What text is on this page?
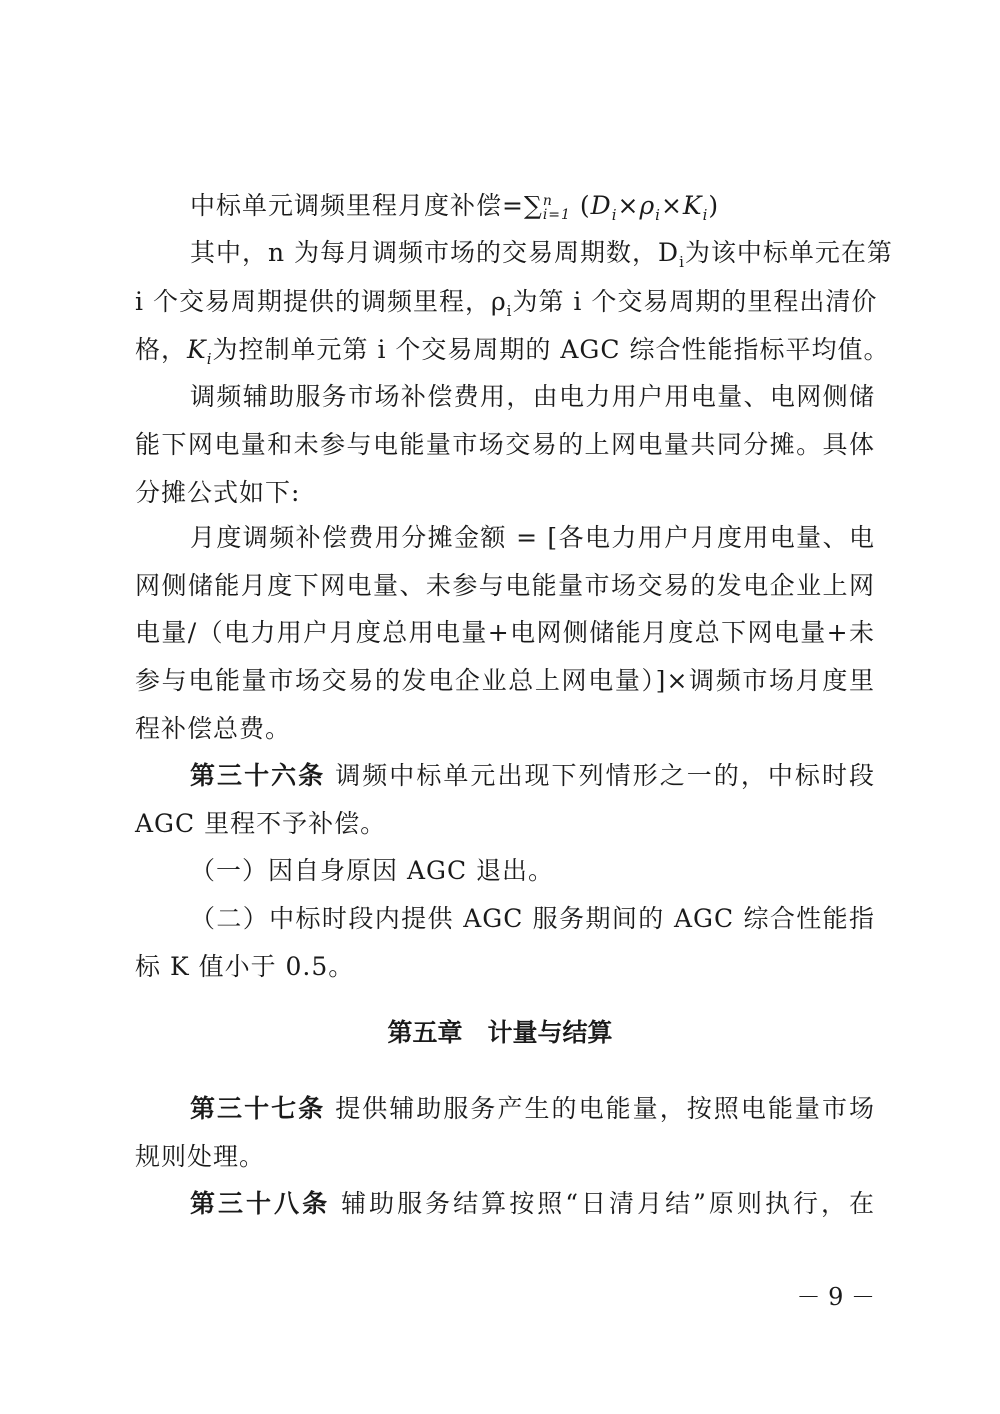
中标单元调频里程月度补偿=∑ n
i=1 $(D_i\times\rho_i\times K_i)$
其中，n 为每月调频市场的交易周期数，$D_i$为该中标单元在第
i 个交易周期提供的调频里程，$\rho_i$为第 i 个交易周期的里程出清价
格，$K_i$为控制单元第 i 个交易周期的 AGC 综合性能指标平均值。
调频辅助服务市场补偿费用，由电力用户用电量、电网侧储
能下网电量和未参与电能量市场交易的上网电量共同分摊。具体
分摊公式如下:
月度调频补偿费用分摊金额 = [各电力用户月度用电量、电
网侧储能月度下网电量、未参与电能量市场交易的发电企业上网
电量/（电力用户月度总用电量+电网侧储能月度总下网电量+未
参与电能量市场交易的发电企业总上网电量）]×调频市场月度里
程补偿总费。
第三十六条 调频中标单元出现下列情形之一的，中标时段
AGC 里程不予补偿。
（一）因自身原因 AGC 退出。
（二）中标时段内提供 AGC 服务期间的 AGC 综合性能指
标 K 值小于 0.5。
第五章　计量与结算
第三十七条 提供辅助服务产生的电能量，按照电能量市场
规则处理。
第三十八条 辅助服务结算按照“日清月结”原则执行，在
－ 9 －
